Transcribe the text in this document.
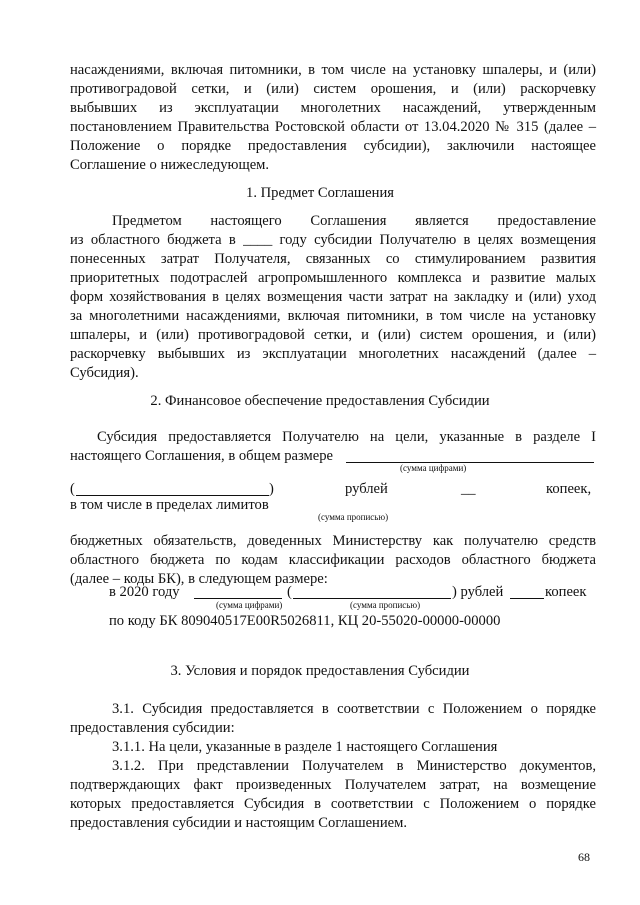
насаждениями, включая питомники, в том числе на установку шпалеры, и (или)
противоградовой сетки, и (или) систем орошения, и (или) раскорчевку
выбывших из эксплуатации многолетних насаждений, утвержденным
постановлением Правительства Ростовской области от 13.04.2020 № 315 (далее –
Положение о порядке предоставления субсидии), заключили настоящее
Соглашение о нижеследующем.
1. Предмет Соглашения
Предметом настоящего Соглашения является предоставление
из областного бюджета в ____ году субсидии Получателю в целях возмещения
понесенных затрат Получателя, связанных со стимулированием развития
приоритетных подотраслей агропромышленного комплекса и развитие малых
форм хозяйствования в целях возмещения части затрат на закладку и (или) уход
за многолетними насаждениями, включая питомники, в том числе на установку
шпалеры, и (или) противоградовой сетки, и (или) систем орошения, и (или)
раскорчевку выбывших из эксплуатации многолетних насаждений (далее –
Субсидия).
2. Финансовое обеспечение предоставления Субсидии
Субсидия предоставляется Получателю на цели, указанные в разделе I
настоящего Соглашения, в общем размере
(сумма цифрами)
(	)	рублей	__	копеек,
в том числе в пределах лимитов
(сумма прописью)
бюджетных обязательств, доведенных Министерству как получателю средств
областного бюджета по кодам классификации расходов областного бюджета
(далее – коды БК), в следующем размере:
в 2020 году	(	) рублей	копеек
(сумма цифрами)	(сумма прописью)
по коду БК 809040517Е00R5026811, КЦ 20-55020-00000-00000
3. Условия и порядок предоставления Субсидии
3.1. Субсидия предоставляется в соответствии с Положением о порядке
предоставления субсидии:
3.1.1. На цели, указанные в разделе 1 настоящего Соглашения
3.1.2. При представлении Получателем в Министерство документов,
подтверждающих факт произведенных Получателем затрат, на возмещение
которых предоставляется Субсидия в соответствии с Положением о порядке
предоставления субсидии и настоящим Соглашением.
68
